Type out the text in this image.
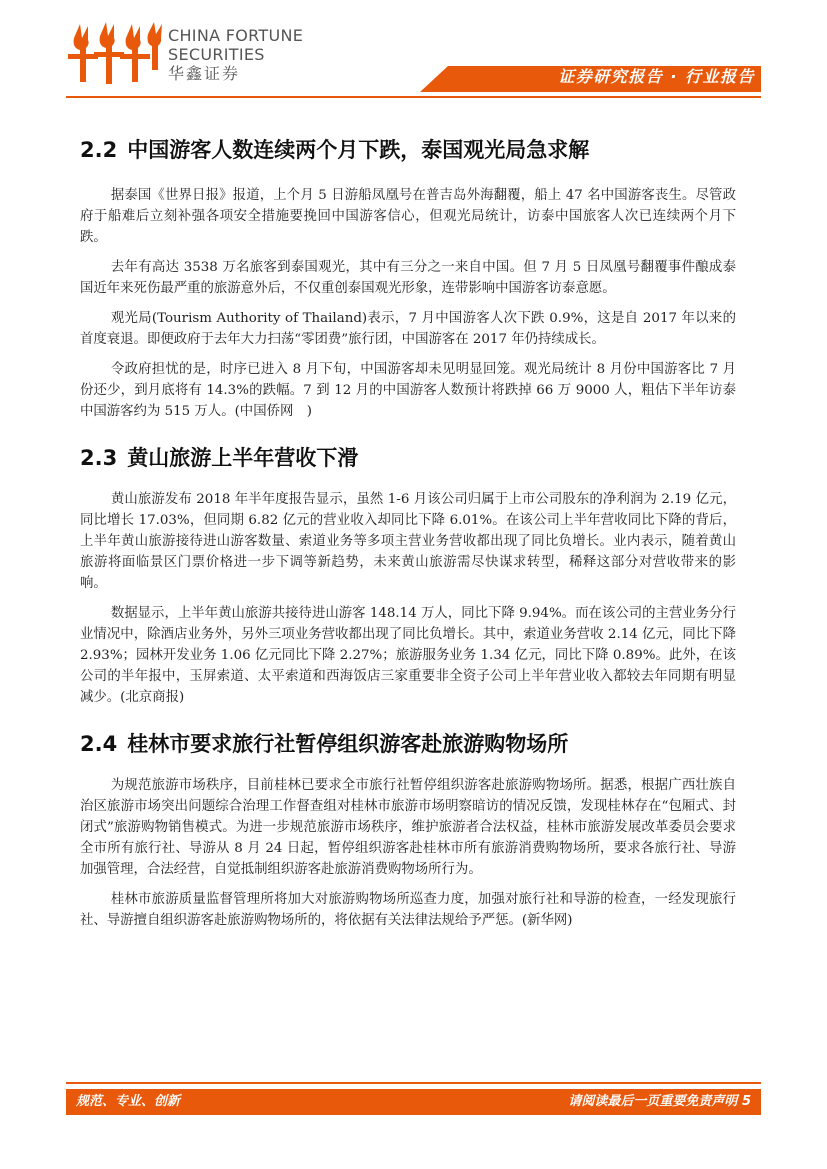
CHINA FORTUNE
SECURITIES
华鑫证券	证券研究报告 · 行业报告
2.2 中国游客人数连续两个月下跌，泰国观光局急求解

据泰国《世界日报》报道，上个月 5 日游船凤凰号在普吉岛外海翻覆，船上 47 名中国游客丧生。尽管政府于船难后立刻补强各项安全措施要挽回中国游客信心，但观光局统计，访泰中国旅客人次已连续两个月下跌。

去年有高达 3538 万名旅客到泰国观光，其中有三分之一来自中国。但 7 月 5 日凤凰号翻覆事件酿成泰国近年来死伤最严重的旅游意外后，不仅重创泰国观光形象，连带影响中国游客访泰意愿。

观光局(Tourism Authority of Thailand)表示，7 月中国游客人次下跌 0.9%，这是自 2017 年以来的首度衰退。即便政府于去年大力扫荡“零团费”旅行团，中国游客在 2017 年仍持续成长。

令政府担忧的是，时序已进入 8 月下旬，中国游客却未见明显回笼。观光局统计 8 月份中国游客比 7 月份还少，到月底将有 14.3%的跌幅。7 到 12 月的中国游客人数预计将跌掉 66 万 9000 人，粗估下半年访泰中国游客约为 515 万人。(中国侨网　)

2.3 黄山旅游上半年营收下滑

黄山旅游发布 2018 年半年度报告显示，虽然 1-6 月该公司归属于上市公司股东的净利润为 2.19 亿元，同比增长 17.03%，但同期 6.82 亿元的营业收入却同比下降 6.01%。在该公司上半年营收同比下降的背后，上半年黄山旅游接待进山游客数量、索道业务等多项主营业务营收都出现了同比负增长。业内表示，随着黄山旅游将面临景区门票价格进一步下调等新趋势，未来黄山旅游需尽快谋求转型，稀释这部分对营收带来的影响。

数据显示，上半年黄山旅游共接待进山游客 148.14 万人，同比下降 9.94%。而在该公司的主营业务分行业情况中，除酒店业务外，另外三项业务营收都出现了同比负增长。其中，索道业务营收 2.14 亿元，同比下降 2.93%；园林开发业务 1.06 亿元同比下降 2.27%；旅游服务业务 1.34 亿元，同比下降 0.89%。此外，在该公司的半年报中，玉屏索道、太平索道和西海饭店三家重要非全资子公司上半年营业收入都较去年同期有明显减少。(北京商报)

2.4 桂林市要求旅行社暂停组织游客赴旅游购物场所

为规范旅游市场秩序，目前桂林已要求全市旅行社暂停组织游客赴旅游购物场所。据悉，根据广西壮族自治区旅游市场突出问题综合治理工作督查组对桂林市旅游市场明察暗访的情况反馈，发现桂林存在“包厢式、封闭式”旅游购物销售模式。为进一步规范旅游市场秩序，维护旅游者合法权益，桂林市旅游发展改革委员会要求全市所有旅行社、导游从 8 月 24 日起，暂停组织游客赴桂林市所有旅游消费购物场所，要求各旅行社、导游加强管理，合法经营，自觉抵制组织游客赴旅游消费购物场所行为。

桂林市旅游质量监督管理所将加大对旅游购物场所巡查力度，加强对旅行社和导游的检查，一经发现旅行社、导游擅自组织游客赴旅游购物场所的，将依据有关法律法规给予严惩。(新华网)

规范、专业、创新	请阅读最后一页重要免责声明 5
